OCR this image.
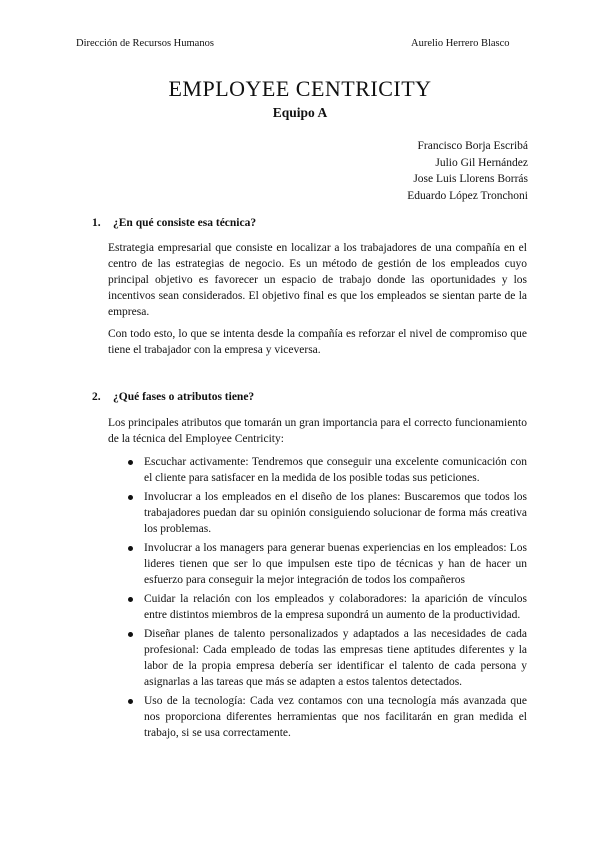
Dirección de Recursos Humanos	Aurelio Herrero Blasco
EMPLOYEE CENTRICITY
Equipo A
Francisco Borja Escribá
Julio Gil Hernández
Jose Luis Llorens Borrás
Eduardo López Tronchoni
1. ¿En qué consiste esa técnica?

Estrategia empresarial que consiste en localizar a los trabajadores de una compañía en el centro de las estrategias de negocio. Es un método de gestión de los empleados cuyo principal objetivo es favorecer un espacio de trabajo donde las oportunidades y los incentivos sean considerados. El objetivo final es que los empleados se sientan parte de la empresa.

Con todo esto, lo que se intenta desde la compañía es reforzar el nivel de compromiso que tiene el trabajador con la empresa y viceversa.

2. ¿Qué fases o atributos tiene?

Los principales atributos que tomarán un gran importancia para el correcto funcionamiento de la técnica del Employee Centricity:

Escuchar activamente: Tendremos que conseguir una excelente comunicación con el cliente para satisfacer en la medida de los posible todas sus peticiones.
Involucrar a los empleados en el diseño de los planes: Buscaremos que todos los trabajadores puedan dar su opinión consiguiendo solucionar de forma más creativa los problemas.
Involucrar a los managers para generar buenas experiencias en los empleados: Los lideres tienen que ser lo que impulsen este tipo de técnicas y han de hacer un esfuerzo para conseguir la mejor integración de todos los compañeros
Cuidar la relación con los empleados y colaboradores: la aparición de vínculos entre distintos miembros de la empresa supondrá un aumento de la productividad.
Diseñar planes de talento personalizados y adaptados a las necesidades de cada profesional: Cada empleado de todas las empresas tiene aptitudes diferentes y la labor de la propia empresa debería ser identificar el talento de cada persona y asignarlas a las tareas que más se adapten a estos talentos detectados.
Uso de la tecnología: Cada vez contamos con una tecnología más avanzada que nos proporciona diferentes herramientas que nos facilitarán en gran medida el trabajo, si se usa correctamente.
